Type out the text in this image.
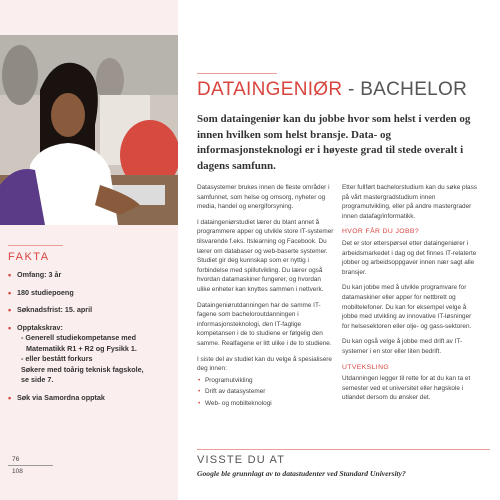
FAKTA
• Omfang: 3 år
• 180 studiepoeng
• Søknadsfrist: 15. april
• Opptakskrav:
- Generell studiekompetanse med
Matematikk R1 + R2 og Fysikk 1.
- eller bestått forkurs
Søkere med toårig teknisk fagskole,
se side 7.
• Søk via Samordna opptak
76
108
DATAINGENIØR - BACHELOR

Som dataingeniør kan du jobbe hvor som helst i verden og innen hvilken som helst bransje. Data- og informasjonsteknologi er i høyeste grad til stede overalt i dagens samfunn.

Datasystemer brukes innen de fleste områder i samfunnet, som helse og omsorg, nyheter og media, handel og energiforsyning.

I dataingeniørstudiet lærer du blant annet å programmere apper og utvikle store IT-systemer tilsvarende f.eks. Itslearning og Facebook. Du lærer om databaser og web-baserte systemer. Studiet gir deg kunnskap som er nyttig i forbindelse med spillutvikling. Du lærer også hvordan datamaskiner fungerer, og hvordan ulike enheter kan knyttes sammen i nettverk.

Dataingeniørutdanningen har de samme IT-fagene som bacheloroutdanningen i informasjonsteknologi, den IT-faglige kompetansen i de to studiene er følgelig den samme. Realfagene er litt ulike i de to studiene.

I siste del av studiet kan du velge å spesialisere deg innen:

• Programutvikling
• Drift av datasystemer
• Web- og mobilteknologi

Etter fullført bachelorstudium kan du søke plass på vårt mastergradstudium innen programutvikling, eller på andre mastergrader innen datafag/informatikk.

HVOR FÅR DU JOBB?

Det er stor etterspørsel etter dataingeniører i arbeidsmarkedet i dag og det finnes IT-relaterte jobber og arbeidsoppgaver innen nær sagt alle bransjer.

Du kan jobbe med å utvikle programvare for datamaskiner eller apper for nettbrett og mobiltelefoner. Du kan for eksempel velge å jobbe med utvikling av innovative IT-løsninger for helsesektoren eller olje- og gass-sektoren.

Du kan også velge å jobbe med drift av IT-systemer i en stor eller liten bedrift.

UTVEKSLING

Utdanningen legger til rette for at du kan ta et semester ved et universitet eller høgskole i utlandet dersom du ønsker det.

VISSTE DU AT
Google ble grunnlagt av to datastudenter ved Standard University?
